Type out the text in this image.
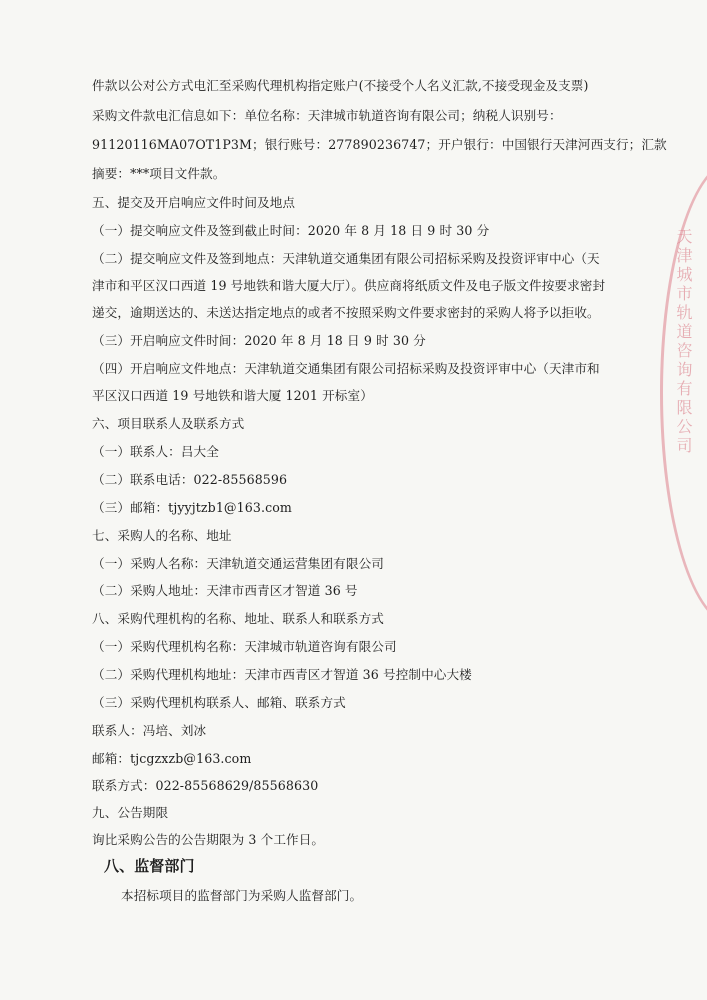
件款以公对公方式电汇至采购代理机构指定账户(不接受个人名义汇款,不接受现金及支票)
采购文件款电汇信息如下：单位名称：天津城市轨道咨询有限公司；纳税人识别号：
91120116MA07OT1P3M；银行账号：277890236747；开户银行：中国银行天津河西支行；汇款
摘要：***项目文件款。
五、提交及开启响应文件时间及地点
（一）提交响应文件及签到截止时间：2020 年 8 月 18 日 9 时 30 分
（二）提交响应文件及签到地点：天津轨道交通集团有限公司招标采购及投资评审中心（天
津市和平区汉口西道 19 号地铁和谐大厦大厅）。供应商将纸质文件及电子版文件按要求密封
递交，逾期送达的、未送达指定地点的或者不按照采购文件要求密封的采购人将予以拒收。
（三）开启响应文件时间：2020 年 8 月 18 日 9 时 30 分
（四）开启响应文件地点：天津轨道交通集团有限公司招标采购及投资评审中心（天津市和
平区汉口西道 19 号地铁和谐大厦 1201 开标室）
六、项目联系人及联系方式
（一）联系人：吕大全
（二）联系电话：022-85568596
（三）邮箱：tjyyjtzb1@163.com
七、采购人的名称、地址
（一）采购人名称：天津轨道交通运营集团有限公司
（二）采购人地址：天津市西青区才智道 36 号
八、采购代理机构的名称、地址、联系人和联系方式
（一）采购代理机构名称：天津城市轨道咨询有限公司
（二）采购代理机构地址：天津市西青区才智道 36 号控制中心大楼
（三）采购代理机构联系人、邮箱、联系方式
联系人：冯培、刘冰
邮箱：tjcgzxzb@163.com
联系方式：022-85568629/85568630
九、公告期限
询比采购公告的公告期限为 3 个工作日。
八、监督部门
本招标项目的监督部门为采购人监督部门。
天津城市轨道咨询有限公司
